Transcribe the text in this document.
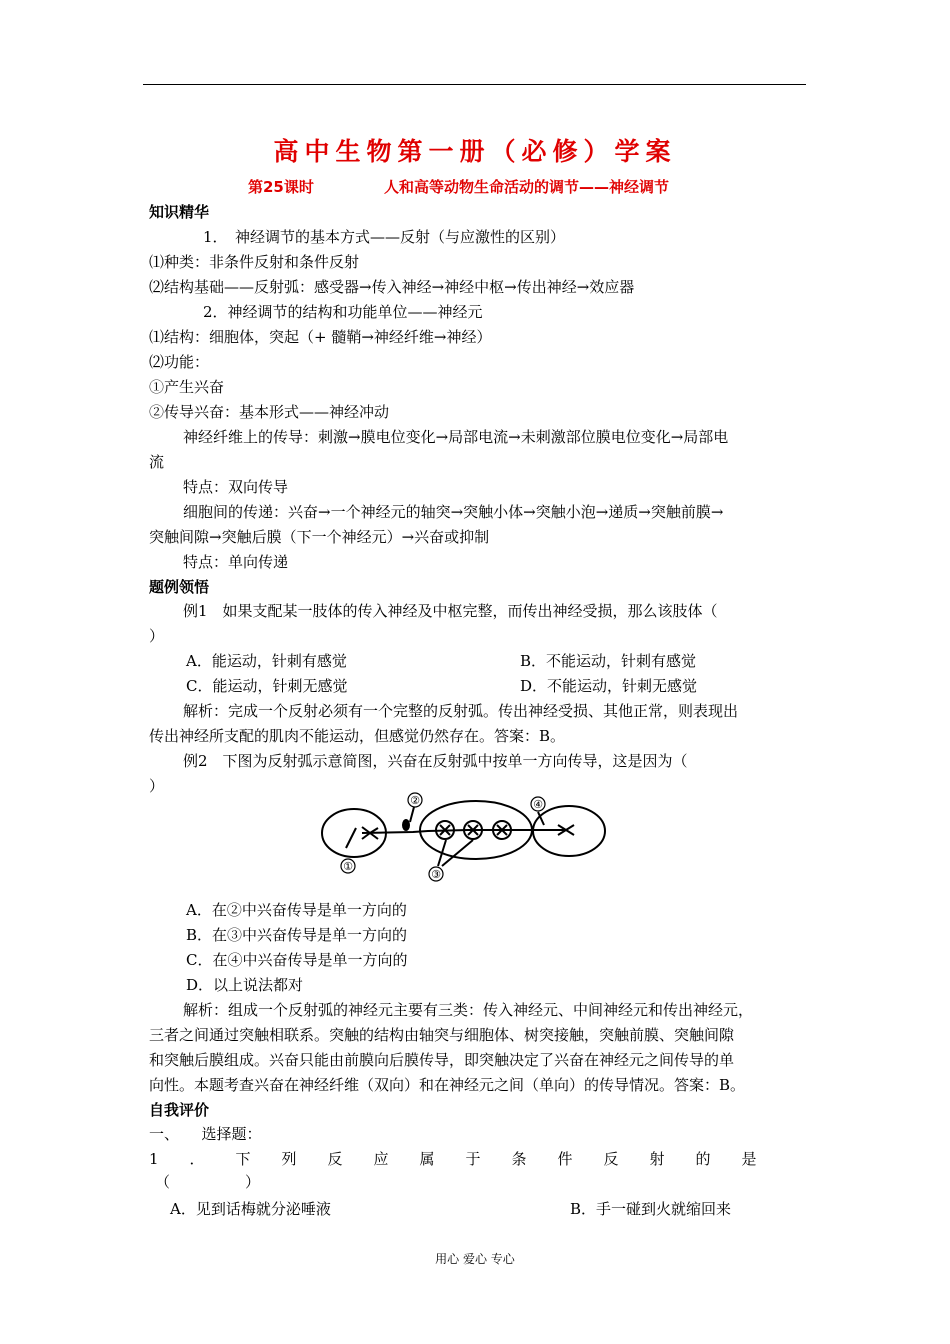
高中生物第一册（必修）学案
第25课时	人和高等动物生命活动的调节——神经调节
知识精华
1．　神经调节的基本方式——反射（与应激性的区别）
⑴种类：非条件反射和条件反射
⑵结构基础——反射弧：感受器→传入神经→神经中枢→传出神经→效应器
2．神经调节的结构和功能单位——神经元
⑴结构：细胞体，突起（+ 髓鞘→神经纤维→神经）
⑵功能：
①产生兴奋
②传导兴奋：基本形式——神经冲动
神经纤维上的传导：刺激→膜电位变化→局部电流→未刺激部位膜电位变化→局部电
流
特点：双向传导
细胞间的传递：兴奋→一个神经元的轴突→突触小体→突触小泡→递质→突触前膜→
突触间隙→突触后膜（下一个神经元）→兴奋或抑制
特点：单向传递
题例领悟
例1　如果支配某一肢体的传入神经及中枢完整，而传出神经受损，那么该肢体（
）
A．能运动，针刺有感觉	B．不能运动，针刺有感觉
C．能运动，针刺无感觉	D．不能运动，针刺无感觉
解析：完成一个反射必须有一个完整的反射弧。传出神经受损、其他正常，则表现出
传出神经所支配的肌肉不能运动，但感觉仍然存在。答案：B。
例2　下图为反射弧示意简图，兴奋在反射弧中按单一方向传导，这是因为（
）
①
②
③
④
A．在②中兴奋传导是单一方向的
B．在③中兴奋传导是单一方向的
C．在④中兴奋传导是单一方向的
D．以上说法都对
解析：组成一个反射弧的神经元主要有三类：传入神经元、中间神经元和传出神经元，
三者之间通过突触相联系。突触的结构由轴突与细胞体、树突接触，突触前膜、突触间隙
和突触后膜组成。兴奋只能由前膜向后膜传导，即突触决定了兴奋在神经元之间传导的单
向性。本题考查兴奋在神经纤维（双向）和在神经元之间（单向）的传导情况。答案：B。
自我评价
一、　　选择题：
1．下列反应属于条件反射的是
（　　　　　）
A．见到话梅就分泌唾液	B．手一碰到火就缩回来
用心 爱心 专心
